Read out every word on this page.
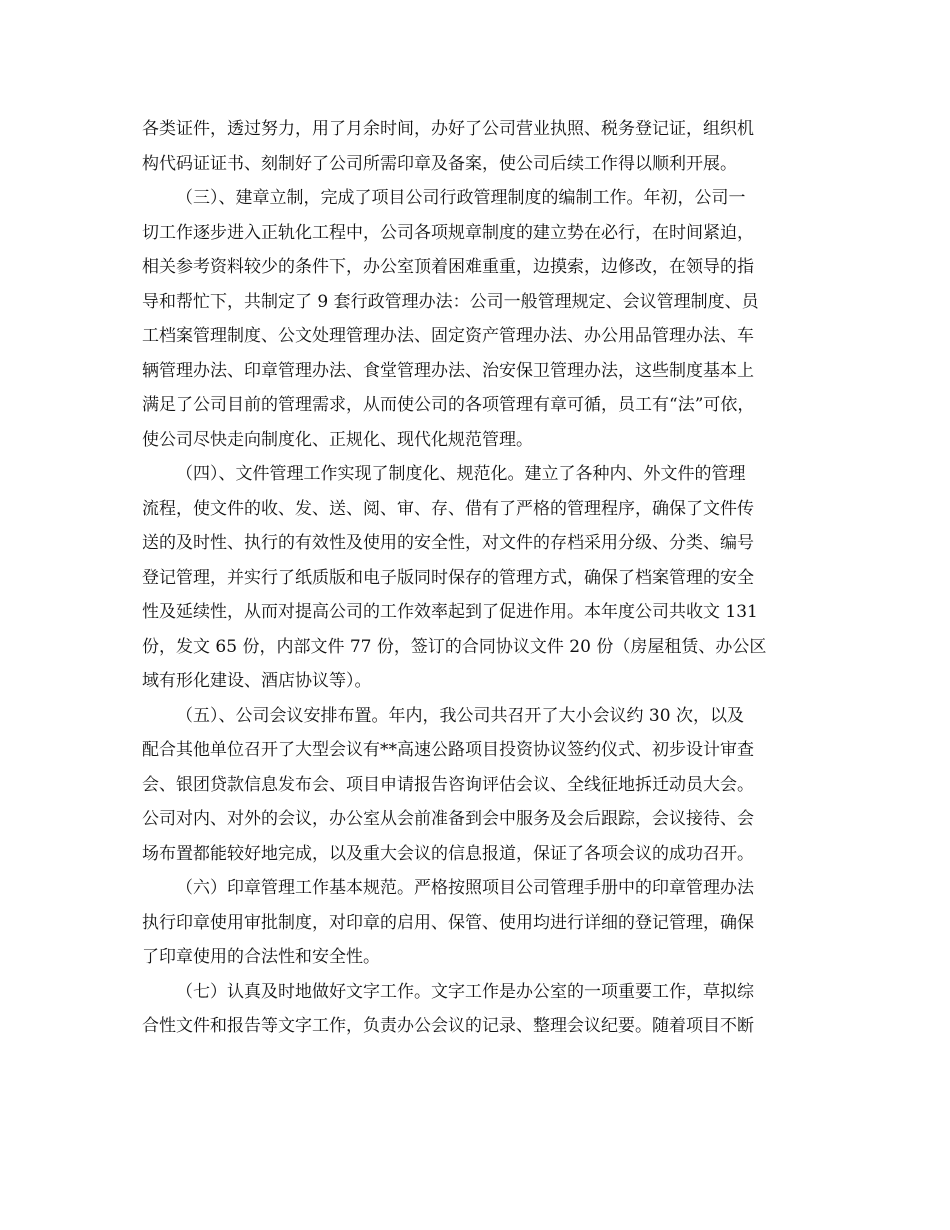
各类证件，透过努力，用了月余时间，办好了公司营业执照、税务登记证，组织机
构代码证证书、刻制好了公司所需印章及备案，使公司后续工作得以顺利开展。
（三）、建章立制，完成了项目公司行政管理制度的编制工作。年初，公司一
切工作逐步进入正轨化工程中，公司各项规章制度的建立势在必行，在时间紧迫，
相关参考资料较少的条件下，办公室顶着困难重重，边摸索，边修改，在领导的指
导和帮忙下，共制定了 9 套行政管理办法：公司一般管理规定、会议管理制度、员
工档案管理制度、公文处理管理办法、固定资产管理办法、办公用品管理办法、车
辆管理办法、印章管理办法、食堂管理办法、治安保卫管理办法，这些制度基本上
满足了公司目前的管理需求，从而使公司的各项管理有章可循，员工有“法”可依，
使公司尽快走向制度化、正规化、现代化规范管理。
（四）、文件管理工作实现了制度化、规范化。建立了各种内、外文件的管理
流程，使文件的收、发、送、阅、审、存、借有了严格的管理程序，确保了文件传
送的及时性、执行的有效性及使用的安全性，对文件的存档采用分级、分类、编号
登记管理，并实行了纸质版和电子版同时保存的管理方式，确保了档案管理的安全
性及延续性，从而对提高公司的工作效率起到了促进作用。本年度公司共收文 131
份，发文 65 份，内部文件 77 份，签订的合同协议文件 20 份（房屋租赁、办公区
域有形化建设、酒店协议等）。
（五）、公司会议安排布置。年内，我公司共召开了大小会议约 30 次，以及
配合其他单位召开了大型会议有**高速公路项目投资协议签约仪式、初步设计审查
会、银团贷款信息发布会、项目申请报告咨询评估会议、全线征地拆迁动员大会。
公司对内、对外的会议，办公室从会前准备到会中服务及会后跟踪，会议接待、会
场布置都能较好地完成，以及重大会议的信息报道，保证了各项会议的成功召开。
（六）印章管理工作基本规范。严格按照项目公司管理手册中的印章管理办法
执行印章使用审批制度，对印章的启用、保管、使用均进行详细的登记管理，确保
了印章使用的合法性和安全性。
（七）认真及时地做好文字工作。文字工作是办公室的一项重要工作，草拟综
合性文件和报告等文字工作，负责办公会议的记录、整理会议纪要。随着项目不断
